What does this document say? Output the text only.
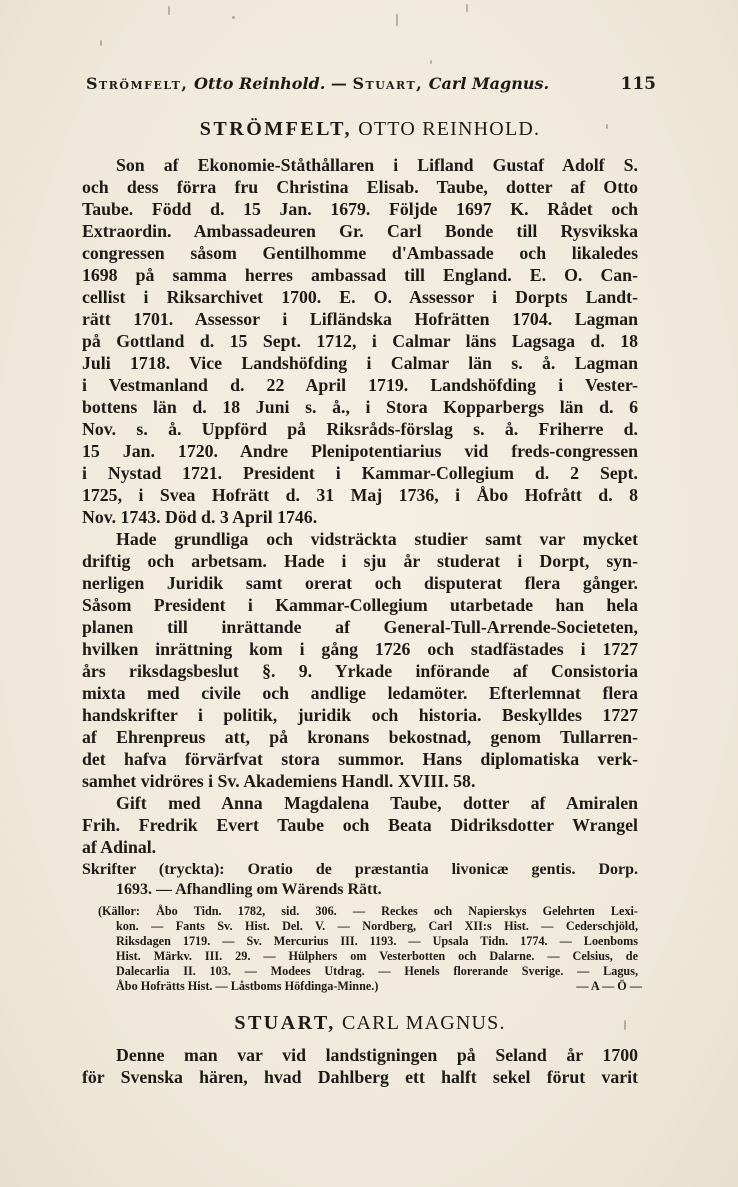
Strömfelt, Otto Reinhold. — Stuart, Carl Magnus.	115
STRÖMFELT, OTTO REINHOLD.
Son af Ekonomie-Ståthållaren i Lifland Gustaf Adolf S.
och dess förra fru Christina Elisab. Taube, dotter af Otto
Taube. Född d. 15 Jan. 1679. Följde 1697 K. Rådet och
Extraordin. Ambassadeuren Gr. Carl Bonde till Rysvikska
congressen såsom Gentilhomme d'Ambassade och likaledes
1698 på samma herres ambassad till England. E. O. Can-
cellist i Riksarchivet 1700. E. O. Assessor i Dorpts Landt-
rätt 1701. Assessor i Lifländska Hofrätten 1704. Lagman
på Gottland d. 15 Sept. 1712, i Calmar läns Lagsaga d. 18
Juli 1718. Vice Landshöfding i Calmar län s. å. Lagman
i Vestmanland d. 22 April 1719. Landshöfding i Vester-
bottens län d. 18 Juni s. å., i Stora Kopparbergs län d. 6
Nov. s. å. Uppförd på Riksråds-förslag s. å. Friherre d.
15 Jan. 1720. Andre Plenipotentiarius vid freds-congressen
i Nystad 1721. President i Kammar-Collegium d. 2 Sept.
1725, i Svea Hofrätt d. 31 Maj 1736, i Åbo Hofrått d. 8
Nov. 1743. Död d. 3 April 1746.
Hade grundliga och vidsträckta studier samt var mycket
driftig och arbetsam. Hade i sju år studerat i Dorpt, syn-
nerligen Juridik samt orerat och disputerat flera gånger.
Såsom President i Kammar-Collegium utarbetade han hela
planen till inrättande af General-Tull-Arrende-Societeten,
hvilken inrättning kom i gång 1726 och stadfästades i 1727
års riksdagsbeslut §. 9. Yrkade införande af Consistoria
mixta med civile och andlige ledamöter. Efterlemnat flera
handskrifter i politik, juridik och historia. Beskylldes 1727
af Ehrenpreus att, på kronans bekostnad, genom Tullarren-
det hafva förvärfvat stora summor. Hans diplomatiska verk-
samhet vidröres i Sv. Akademiens Handl. XVIII. 58.
Gift med Anna Magdalena Taube, dotter af Amiralen
Frih. Fredrik Evert Taube och Beata Didriksdotter Wrangel
af Adinal.
Skrifter (tryckta): Oratio de præstantia livonicæ gentis. Dorp.
1693. — Afhandling om Wärends Rätt.
(Källor: Åbo Tidn. 1782, sid. 306. — Reckes och Napierskys Gelehrten Lexi-
kon. — Fants Sv. Hist. Del. V. — Nordberg, Carl XII:s Hist. — Cederschjöld,
Riksdagen 1719. — Sv. Mercurius III. 1193. — Upsala Tidn. 1774. — Loenboms
Hist. Märkv. III. 29. — Hülphers om Vesterbotten och Dalarne. — Celsius, de
Dalecarlia II. 103. — Modees Utdrag. — Henels florerande Sverige. — Lagus,
Åbo Hofrätts Hist. — Låstboms Höfdinga-Minne.)	— A — Ö —
STUART, CARL MAGNUS.
Denne man var vid landstigningen på Seland år 1700
för Svenska hären, hvad Dahlberg ett halft sekel förut varit
